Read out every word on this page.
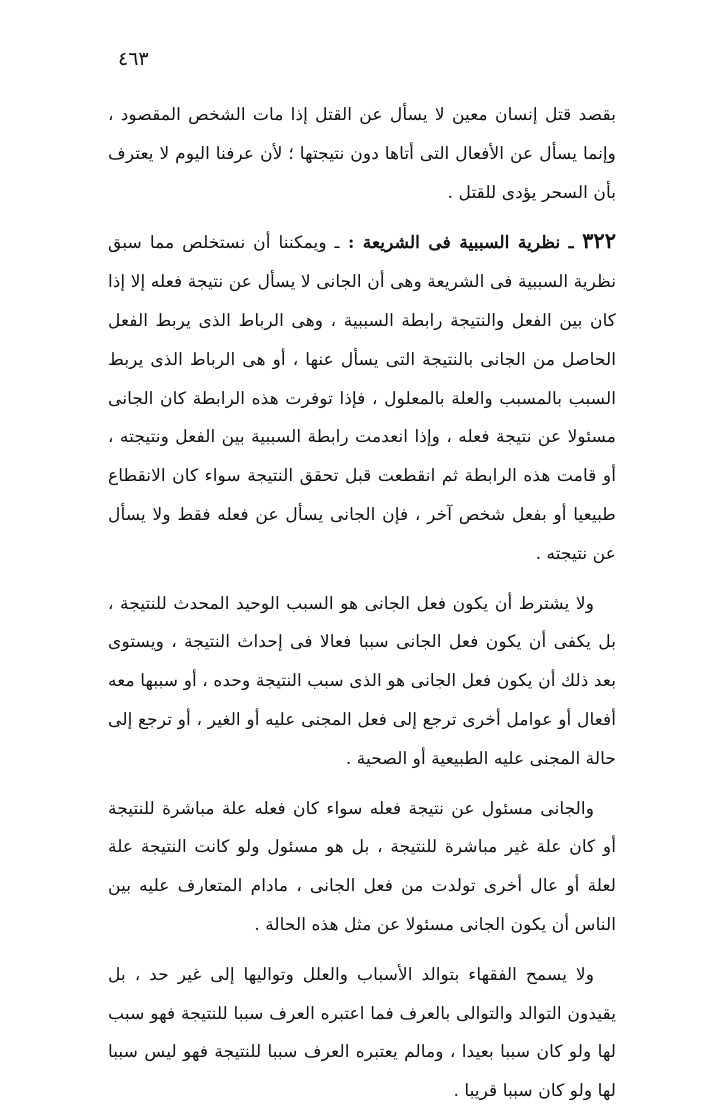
٤٦٣

بقصد قتل إنسان معين لا يسأل عن القتل إذا مات الشخص المقصود ، وإنما يسأل عن الأفعال التى أتاها دون نتيجتها ؛ لأن عرفنا اليوم لا يعترف بأن السحر يؤدى للقتل .

٣٢٢ ـ نظرية السببية فى الشريعة : ـ ويمكننا أن نستخلص مما سبق نظرية السببية فى الشريعة وهى أن الجانى لا يسأل عن نتيجة فعله إلا إذا كان بين الفعل والنتيجة رابطة السببية ، وهى الرباط الذى يربط الفعل الحاصل من الجانى بالنتيجة التى يسأل عنها ، أو هى الرباط الذى يربط السبب بالمسبب والعلة بالمعلول ، فإذا توفرت هذه الرابطة كان الجانى مسئولا عن نتيجة فعله ، وإذا انعدمت رابطة السببية بين الفعل ونتيجته ، أو قامت هذه الرابطة ثم انقطعت قبل تحقق النتيجة سواء كان الانقطاع طبيعيا أو بفعل شخص آخر ، فإن الجانى يسأل عن فعله فقط ولا يسأل عن نتيجته .

ولا يشترط أن يكون فعل الجانى هو السبب الوحيد المحدث للنتيجة ، بل يكفى أن يكون فعل الجانى سببا فعالا فى إحداث النتيجة ، ويستوى بعد ذلك أن يكون فعل الجانى هو الذى سبب النتيجة وحده ، أو سببها معه أفعال أو عوامل أخرى ترجع إلى فعل المجنى عليه أو الغير ، أو ترجع إلى حالة المجنى عليه الطبيعية أو الصحية .

والجانى مسئول عن نتيجة فعله سواء كان فعله علة مباشرة للنتيجة أو كان علة غير مباشرة للنتيجة ، بل هو مسئول ولو كانت النتيجة علة لعلة أو عال أخرى تولدت من فعل الجانى ، مادام المتعارف عليه بين الناس أن يكون الجانى مسئولا عن مثل هذه الحالة .

ولا يسمح الفقهاء بتوالد الأسباب والعلل وتواليها إلى غير حد ، بل يقيدون التوالد والتوالى بالعرف فما اعتبره العرف سببا للنتيجة فهو سبب لها ولو كان سببا بعيدا ، ومالم يعتبره العرف سببا للنتيجة فهو ليس سببا لها ولو كان سببا قريبا .
